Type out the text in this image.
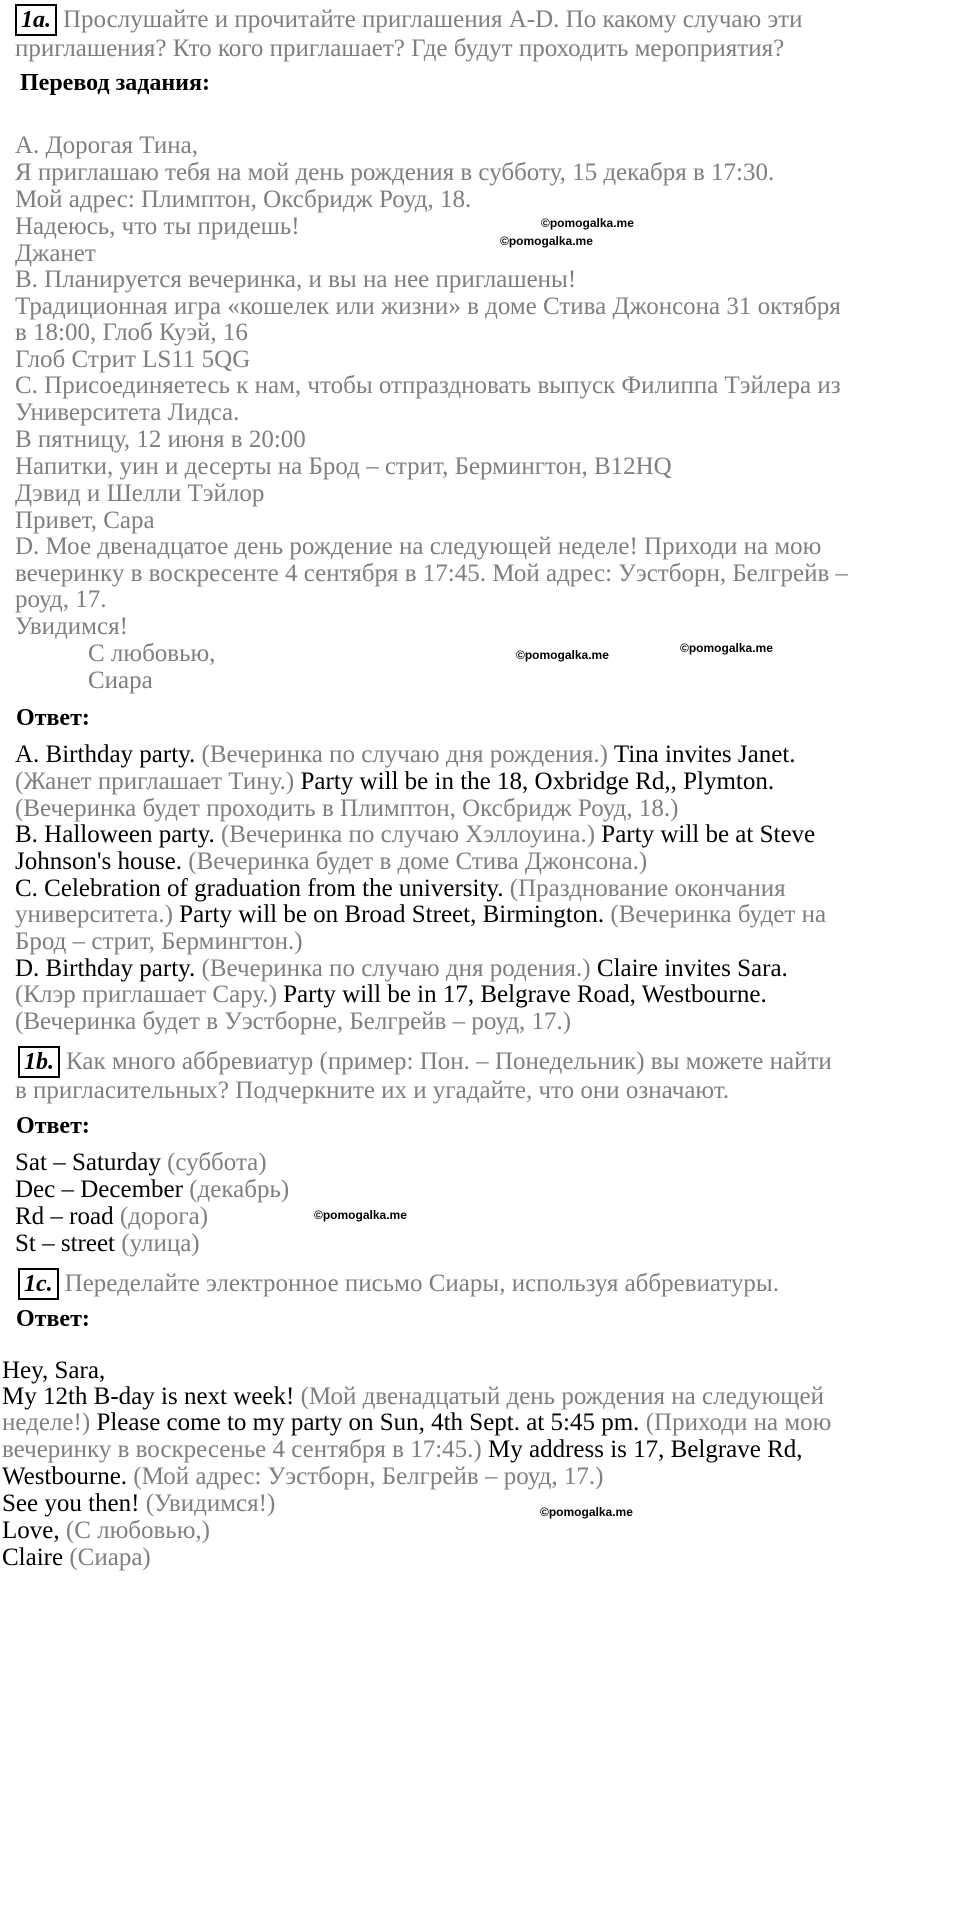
1a. Прослушайте и прочитайте приглашения A-D. По какому случаю эти
приглашения? Кто кого приглашает? Где будут проходить мероприятия?
Перевод задания:
А. Дорогая Тина,
Я приглашаю тебя на мой день рождения в субботу, 15 декабря в 17:30.
Мой адрес: Плимптон, Оксбридж Роуд, 18.
Надеюсь, что ты придешь!
Джанет
B. Планируется вечеринка, и вы на нее приглашены!
Традиционная игра «кошелек или жизни» в доме Стива Джонсона 31 октября
в 18:00, Глоб Куэй, 16
Глоб Стрит LS11 5QG
C. Присоединяетесь к нам, чтобы отпраздновать выпуск Филиппа Тэйлера из
Университета Лидса.
В пятницу, 12 июня в 20:00
Напитки, уин и десерты на Брод – стрит, Бермингтон, B12HQ
Дэвид и Шелли Тэйлор
Привет, Сара
D. Мое двенадцатое день рождение на следующей неделе! Приходи на мою
вечеринку в воскресенте 4 сентября в 17:45. Мой адрес: Уэстборн, Белгрейв –
роуд, 17.
Увидимся!
С любовью,
Сиара
Ответ:
A. Birthday party. (Вечеринка по случаю дня рождения.) Tina invites Janet.
(Жанет приглашает Тину.) Party will be in the 18, Oxbridge Rd,, Plymton.
(Вечеринка будет проходить в Плимптон, Оксбридж Роуд, 18.)
B. Halloween party. (Вечеринка по случаю Хэллоуина.) Party will be at Steve
Johnson's house. (Вечеринка будет в доме Стива Джонсона.)
C. Celebration of graduation from the university. (Празднование окончания
университета.) Party will be on Broad Street, Birmington. (Вечеринка будет на
Брод – стрит, Бермингтон.)
D. Birthday party. (Вечеринка по случаю дня родения.) Claire invites Sara.
(Клэр приглашает Сару.) Party will be in 17, Belgrave Road, Westbourne.
(Вечеринка будет в Уэстборне, Белгрейв – роуд, 17.)
1b. Как много аббревиатур (пример: Пон. – Понедельник) вы можете найти
в пригласительных? Подчеркните их и угадайте, что они означают.
Ответ:
Sat – Saturday (суббота)
Dec – December (декабрь)
Rd – road (дорога)
St – street (улица)
1c. Переделайте электронное письмо Сиары, используя аббревиатуры.
Ответ:
Hey, Sara,
My 12th B-day is next week! (Мой двенадцатый день рождения на следующей
неделе!) Please come to my party on Sun, 4th Sept. at 5:45 pm. (Приходи на мою
вечеринку в воскресенье 4 сентября в 17:45.) My address is 17, Belgrave Rd,
Westbourne. (Мой адрес: Уэстборн, Белгрейв – роуд, 17.)
See you then! (Увидимся!)
Love, (С любовью,)
Claire (Сиара)
©pomogalka.me
©pomogalka.me
©pomogalka.me
©pomogalka.me
©pomogalka.me
©pomogalka.me
